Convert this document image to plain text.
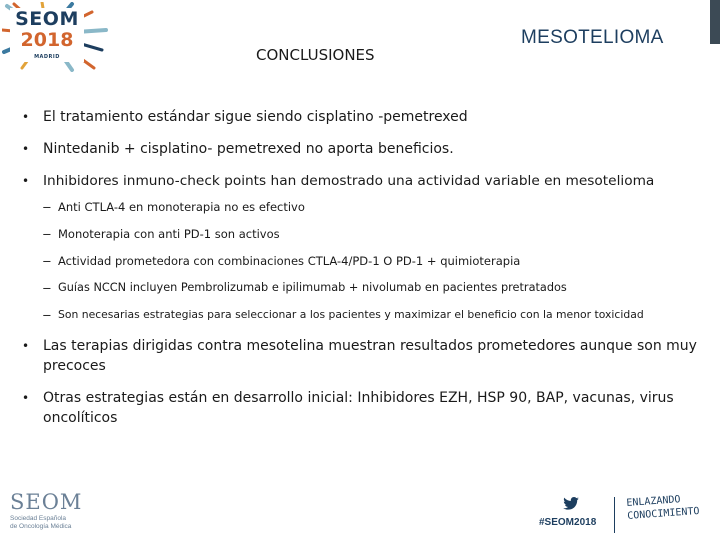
SEOM
2018
MADRID
MESOTELIOMA
CONCLUSIONES
• El tratamiento estándar sigue siendo cisplatino -pemetrexed
• Nintedanib + cisplatino- pemetrexed no aporta beneficios.
• Inhibidores inmuno-check points han demostrado una actividad variable en mesotelioma
− Anti CTLA-4 en monoterapia no es efectivo
− Monoterapia con anti PD-1 son activos
− Actividad prometedora con combinaciones CTLA-4/PD-1 O PD-1 + quimioterapia
− Guías NCCN incluyen Pembrolizumab e ipilimumab + nivolumab en pacientes pretratados
− Son necesarias estrategias para seleccionar a los pacientes y maximizar el beneficio con la menor toxicidad
• Las terapias dirigidas contra mesotelina muestran resultados prometedores aunque son muy precoces
• Otras estrategias están en desarrollo inicial: Inhibidores EZH, HSP 90, BAP, vacunas, virus oncolíticos
SEOM
Sociedad Española
de Oncología Médica	#SEOM2018
ENLAZANDO
CONOCIMIENTO
